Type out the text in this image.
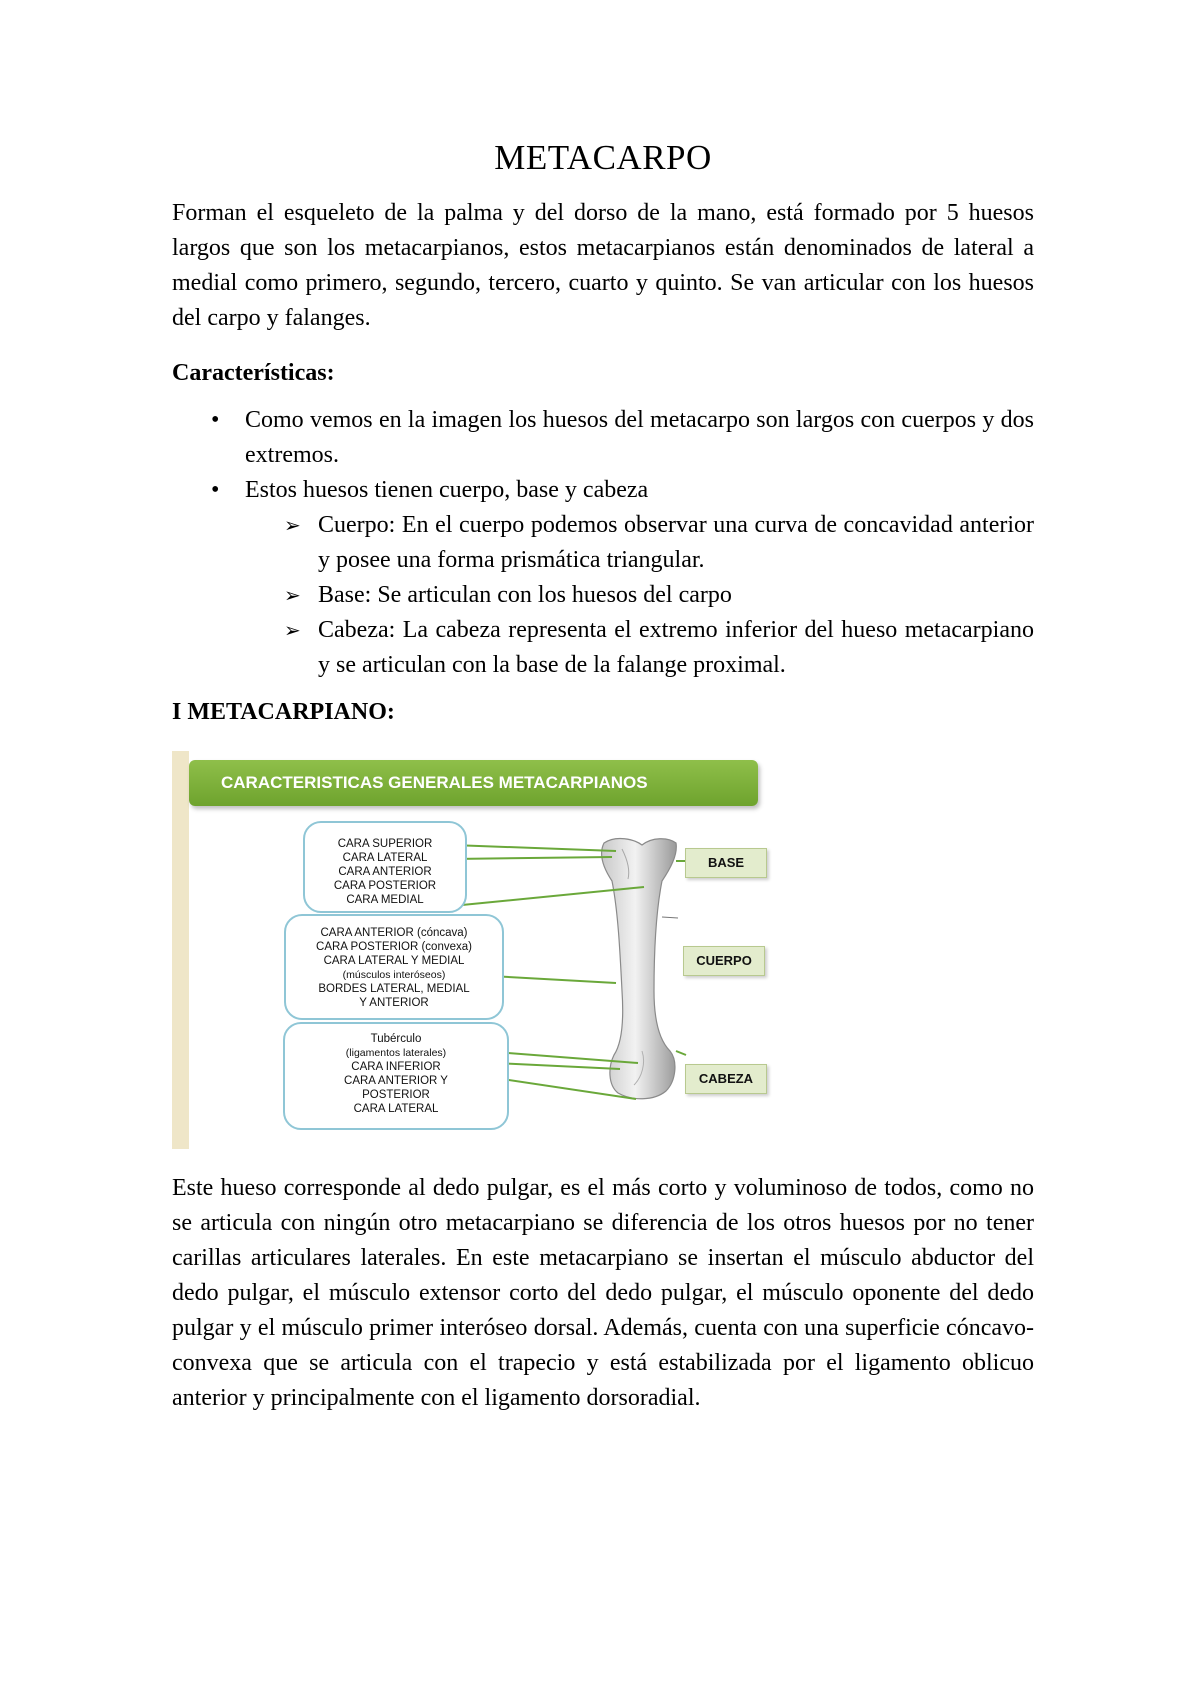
METACARPO

Forman el esqueleto de la palma y del dorso de la mano, está formado por 5 huesos largos que son los metacarpianos, estos metacarpianos están denominados de lateral a medial como primero, segundo, tercero, cuarto y quinto. Se van articular con los huesos del carpo y falanges.

Características:
• Como vemos en la imagen los huesos del metacarpo son largos con cuerpos y dos extremos.
• Estos huesos tienen cuerpo, base y cabeza
➢ Cuerpo: En el cuerpo podemos observar una curva de concavidad anterior y posee una forma prismática triangular.
➢ Base: Se articulan con los huesos del carpo
➢ Cabeza: La cabeza representa el extremo inferior del hueso metacarpiano y se articulan con la base de la falange proximal.
I METACARPIANO:
CARACTERISTICAS GENERALES METACARPIANOS
CARA SUPERIOR
CARA LATERAL
CARA ANTERIOR
CARA POSTERIOR
CARA MEDIAL
CARA ANTERIOR (cóncava)
CARA POSTERIOR (convexa)
CARA LATERAL Y MEDIAL
(músculos interóseos)
BORDES LATERAL, MEDIAL
Y ANTERIOR
Tubérculo
(ligamentos laterales)
CARA INFERIOR
CARA ANTERIOR Y
POSTERIOR
CARA LATERAL
BASE
CUERPO
CABEZA

Este hueso corresponde al dedo pulgar, es el más corto y voluminoso de todos, como no se articula con ningún otro metacarpiano se diferencia de los otros huesos por no tener carillas articulares laterales. En este metacarpiano se insertan el músculo abductor del dedo pulgar, el músculo extensor corto del dedo pulgar, el músculo oponente del dedo pulgar y el músculo primer interóseo dorsal. Además, cuenta con una superficie cóncavo-convexa que se articula con el trapecio y está estabilizada por el ligamento oblicuo anterior y principalmente con el ligamento dorsoradial.
